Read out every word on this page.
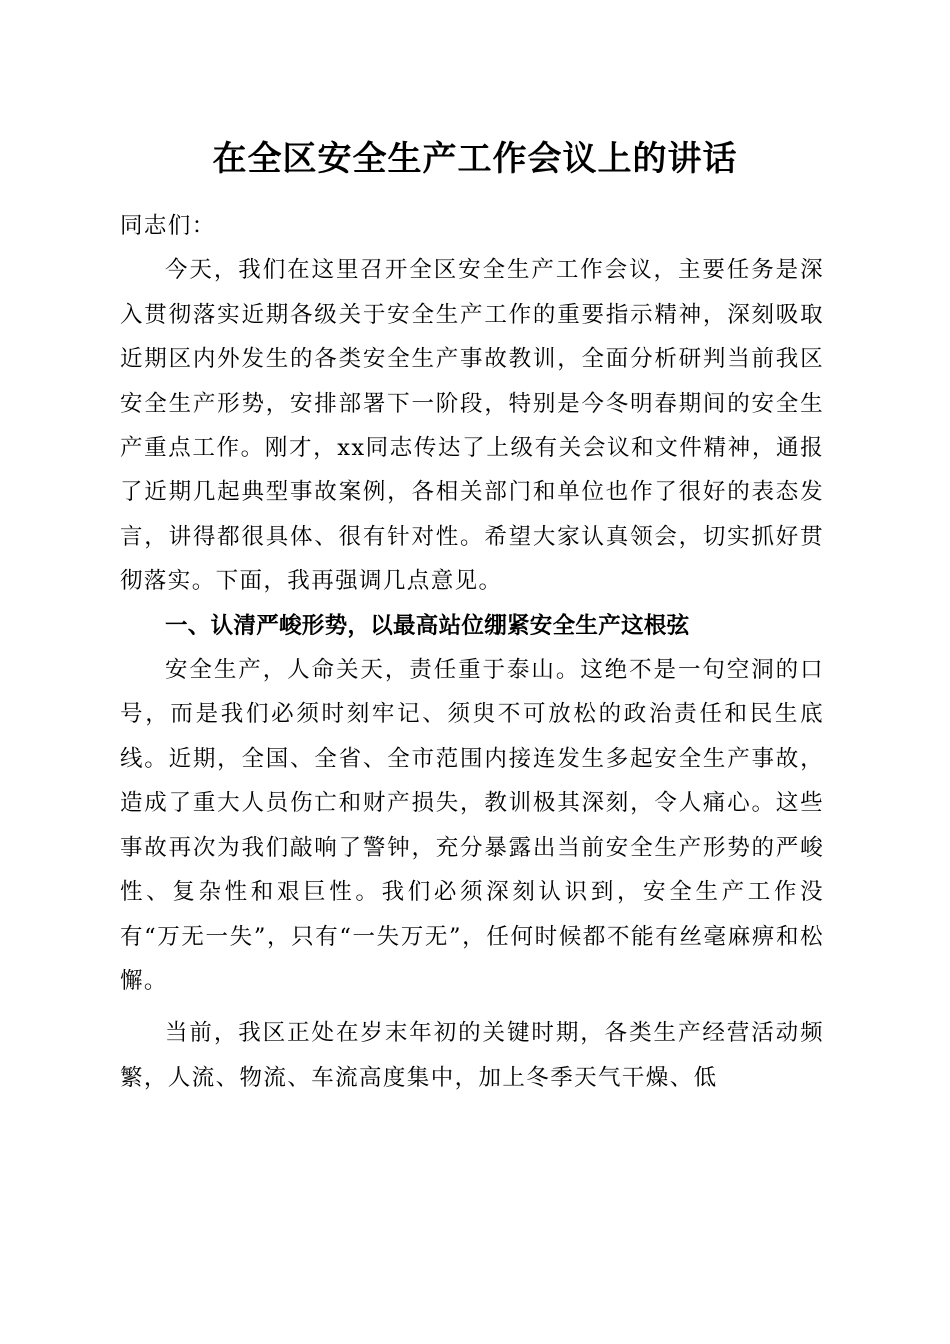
在全区安全生产工作会议上的讲话

同志们：

今天，我们在这里召开全区安全生产工作会议，主要任务是深入贯彻落实近期各级关于安全生产工作的重要指示精神，深刻吸取近期区内外发生的各类安全生产事故教训，全面分析研判当前我区安全生产形势，安排部署下一阶段，特别是今冬明春期间的安全生产重点工作。刚才，xx同志传达了上级有关会议和文件精神，通报了近期几起典型事故案例，各相关部门和单位也作了很好的表态发言，讲得都很具体、很有针对性。希望大家认真领会，切实抓好贯彻落实。下面，我再强调几点意见。

一、认清严峻形势，以最高站位绷紧安全生产这根弦

安全生产，人命关天，责任重于泰山。这绝不是一句空洞的口号，而是我们必须时刻牢记、须臾不可放松的政治责任和民生底线。近期，全国、全省、全市范围内接连发生多起安全生产事故，造成了重大人员伤亡和财产损失，教训极其深刻，令人痛心。这些事故再次为我们敲响了警钟，充分暴露出当前安全生产形势的严峻性、复杂性和艰巨性。我们必须深刻认识到，安全生产工作没有“万无一失”，只有“一失万无”，任何时候都不能有丝毫麻痹和松懈。

当前，我区正处在岁末年初的关键时期，各类生产经营活动频繁，人流、物流、车流高度集中，加上冬季天气干燥、低
